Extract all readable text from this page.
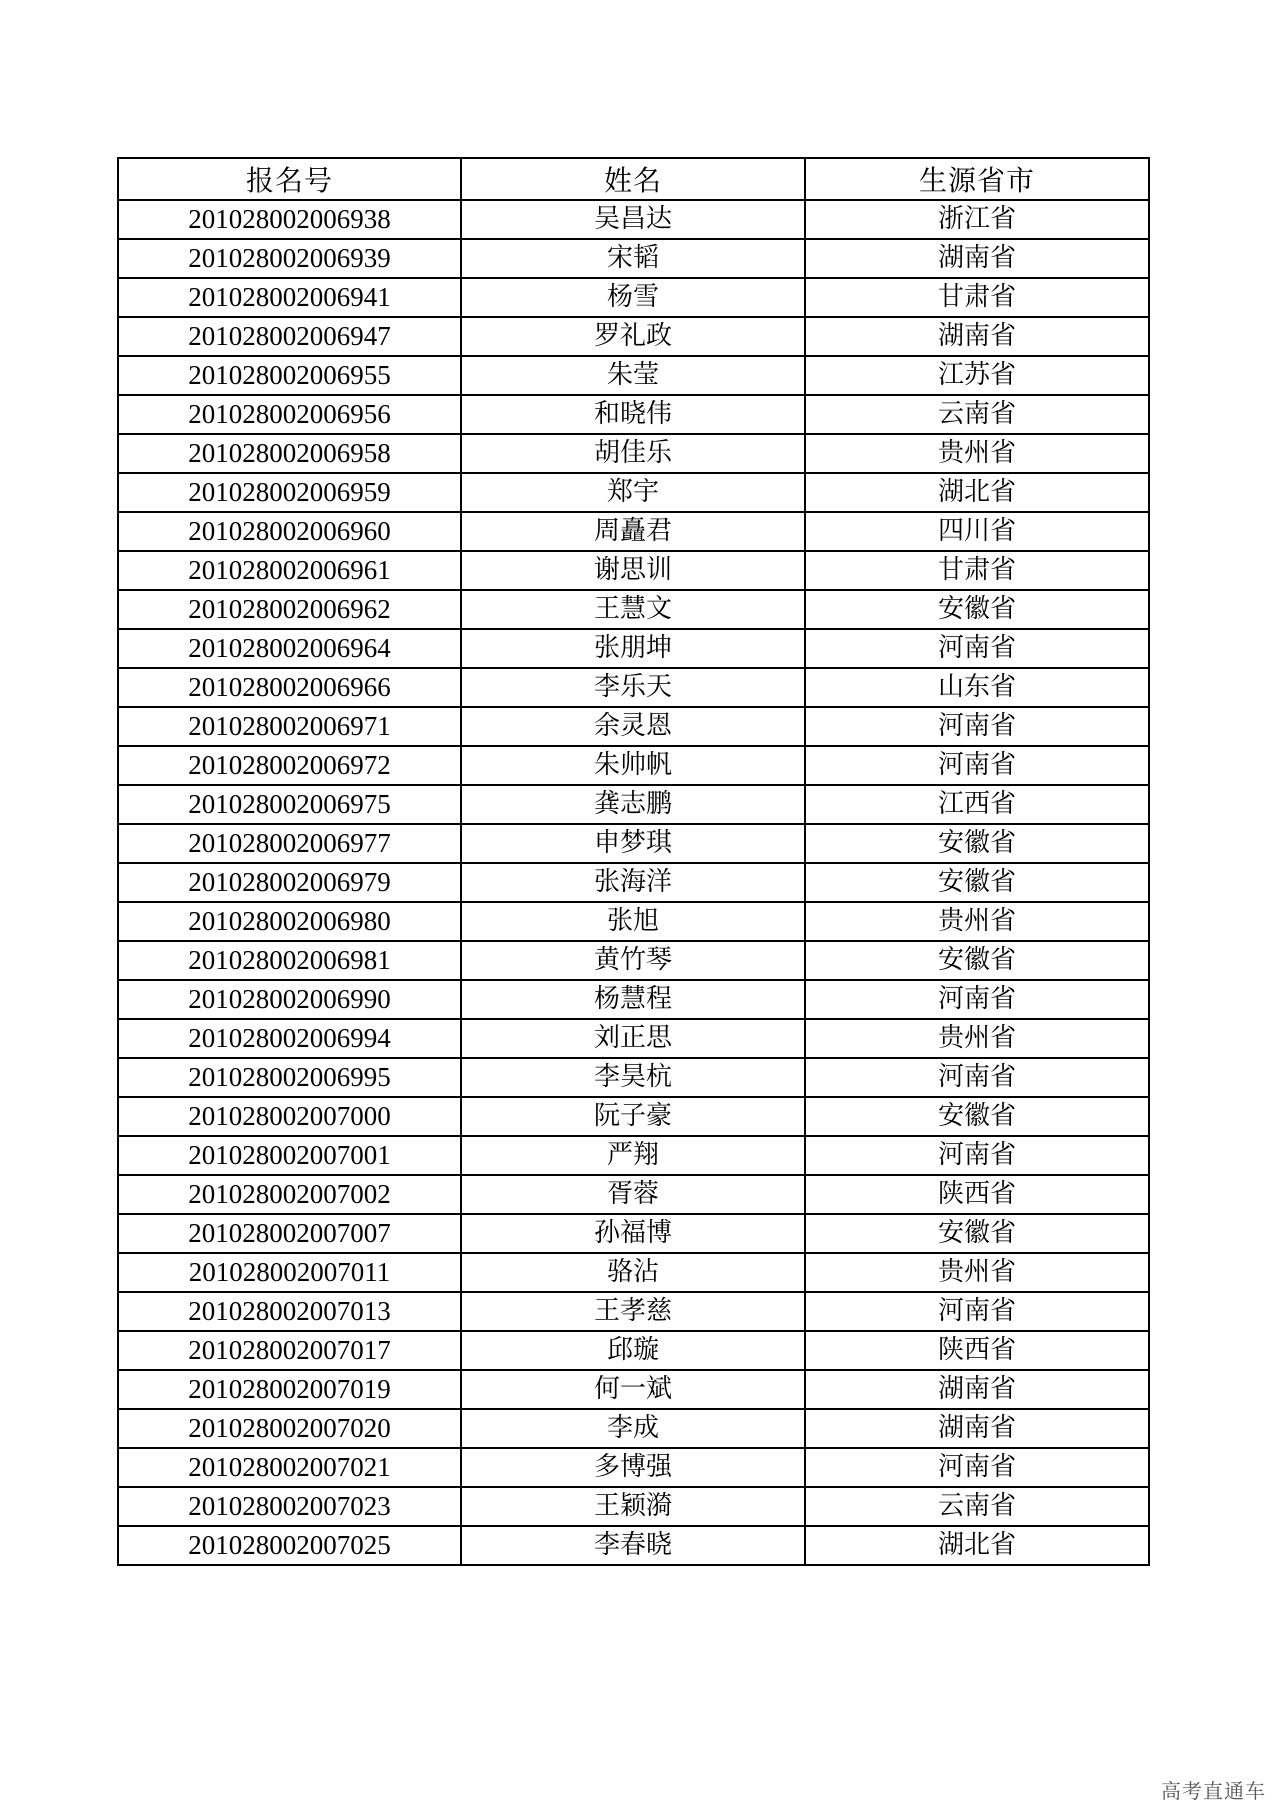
报名号	姓名	生源省市
201028002006938	吴昌达	浙江省
201028002006939	宋韬	湖南省
201028002006941	杨雪	甘肃省
201028002006947	罗礼政	湖南省
201028002006955	朱莹	江苏省
201028002006956	和晓伟	云南省
201028002006958	胡佳乐	贵州省
201028002006959	郑宇	湖北省
201028002006960	周矗君	四川省
201028002006961	谢思训	甘肃省
201028002006962	王慧文	安徽省
201028002006964	张朋坤	河南省
201028002006966	李乐天	山东省
201028002006971	余灵恩	河南省
201028002006972	朱帅帆	河南省
201028002006975	龚志鹏	江西省
201028002006977	申梦琪	安徽省
201028002006979	张海洋	安徽省
201028002006980	张旭	贵州省
201028002006981	黄竹琴	安徽省
201028002006990	杨慧程	河南省
201028002006994	刘正思	贵州省
201028002006995	李昊杭	河南省
201028002007000	阮子豪	安徽省
201028002007001	严翔	河南省
201028002007002	胥蓉	陕西省
201028002007007	孙福博	安徽省
201028002007011	骆沾	贵州省
201028002007013	王孝慈	河南省
201028002007017	邱璇	陕西省
201028002007019	何一斌	湖南省
201028002007020	李成	湖南省
201028002007021	多博强	河南省
201028002007023	王颖漪	云南省
201028002007025	李春晓	湖北省
高考直通车
